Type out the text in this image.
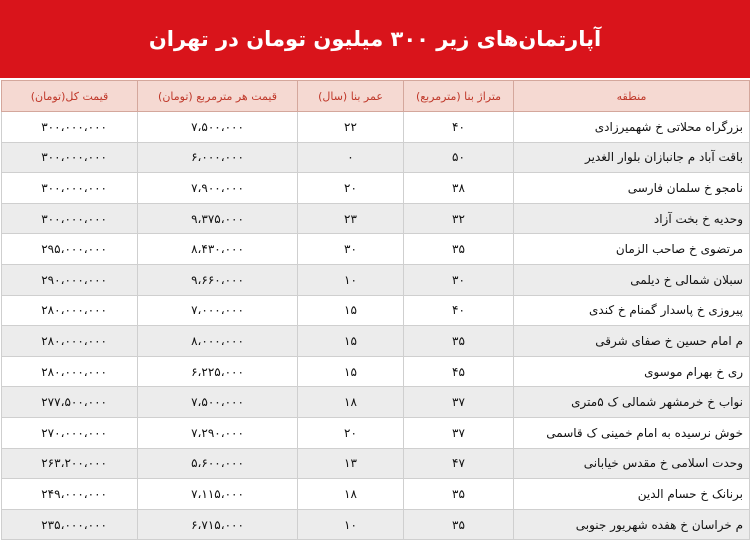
آپارتمان‌های زیر ۳۰۰ میلیون تومان در تهران
منطقه	متراژ بنا (مترمربع)	عمر بنا (سال)	قیمت هر مترمربع (تومان)	قیمت کل(تومان)
بزرگراه محلاتی خ شهمیرزادی	۴۰	۲۲	۷،۵۰۰،۰۰۰	۳۰۰،۰۰۰،۰۰۰
باقت آباد م جانبازان بلوار الغدیر	۵۰	۰	۶،۰۰۰،۰۰۰	۳۰۰،۰۰۰،۰۰۰
نامجو خ سلمان فارسی	۳۸	۲۰	۷،۹۰۰،۰۰۰	۳۰۰،۰۰۰،۰۰۰
وحدیه خ بخت آزاد	۳۲	۲۳	۹،۳۷۵،۰۰۰	۳۰۰،۰۰۰،۰۰۰
مرتضوی خ صاحب الزمان	۳۵	۳۰	۸،۴۳۰،۰۰۰	۲۹۵،۰۰۰،۰۰۰
سبلان شمالی خ دیلمی	۳۰	۱۰	۹،۶۶۰،۰۰۰	۲۹۰،۰۰۰،۰۰۰
پیروزی خ پاسدار گمنام خ کندی	۴۰	۱۵	۷،۰۰۰،۰۰۰	۲۸۰،۰۰۰،۰۰۰
م امام حسین خ صفای شرقی	۳۵	۱۵	۸،۰۰۰،۰۰۰	۲۸۰،۰۰۰،۰۰۰
ری خ بهرام موسوی	۴۵	۱۵	۶،۲۲۵،۰۰۰	۲۸۰،۰۰۰،۰۰۰
نواب خ خرمشهر شمالی ک ۵متری	۳۷	۱۸	۷،۵۰۰،۰۰۰	۲۷۷،۵۰۰،۰۰۰
خوش نرسیده به امام خمینی ک قاسمی	۳۷	۲۰	۷،۲۹۰،۰۰۰	۲۷۰،۰۰۰،۰۰۰
وحدت اسلامی خ مقدس خیابانی	۴۷	۱۳	۵،۶۰۰،۰۰۰	۲۶۳،۲۰۰،۰۰۰
برنانک خ حسام الدین	۳۵	۱۸	۷،۱۱۵،۰۰۰	۲۴۹،۰۰۰،۰۰۰
م خراسان خ هفده شهریور جنوبی	۳۵	۱۰	۶،۷۱۵،۰۰۰	۲۳۵،۰۰۰،۰۰۰
